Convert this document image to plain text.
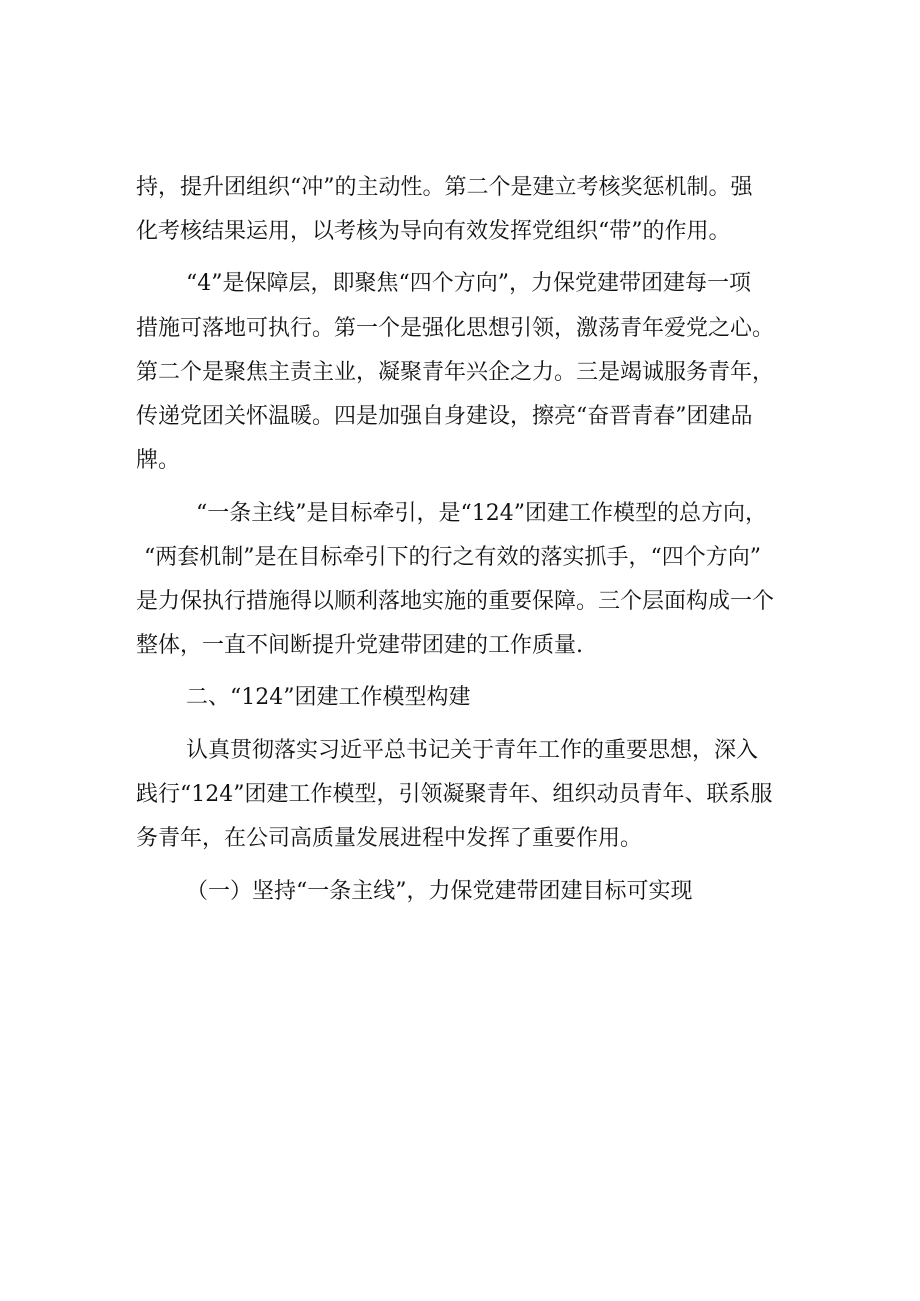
持，提升团组织“冲”的主动性。第二个是建立考核奖惩机制。强

化考核结果运用，以考核为导向有效发挥党组织“带”的作用。

“4”是保障层，即聚焦“四个方向”，力保党建带团建每一项

措施可落地可执行。第一个是强化思想引领，激荡青年爱党之心。

第二个是聚焦主责主业，凝聚青年兴企之力。三是竭诚服务青年，

传递党团关怀温暖。四是加强自身建设，擦亮“奋晋青春”团建品

牌。

“一条主线”是目标牵引，是“124”团建工作模型的总方向，

“两套机制”是在目标牵引下的行之有效的落实抓手，“四个方向”

是力保执行措施得以顺利落地实施的重要保障。三个层面构成一个

整体，一直不间断提升党建带团建的工作质量.

二、“124”团建工作模型构建

认真贯彻落实习近平总书记关于青年工作的重要思想，深入

践行“124”团建工作模型，引领凝聚青年、组织动员青年、联系服

务青年，在公司高质量发展进程中发挥了重要作用。

（一）坚持“一条主线”，力保党建带团建目标可实现
